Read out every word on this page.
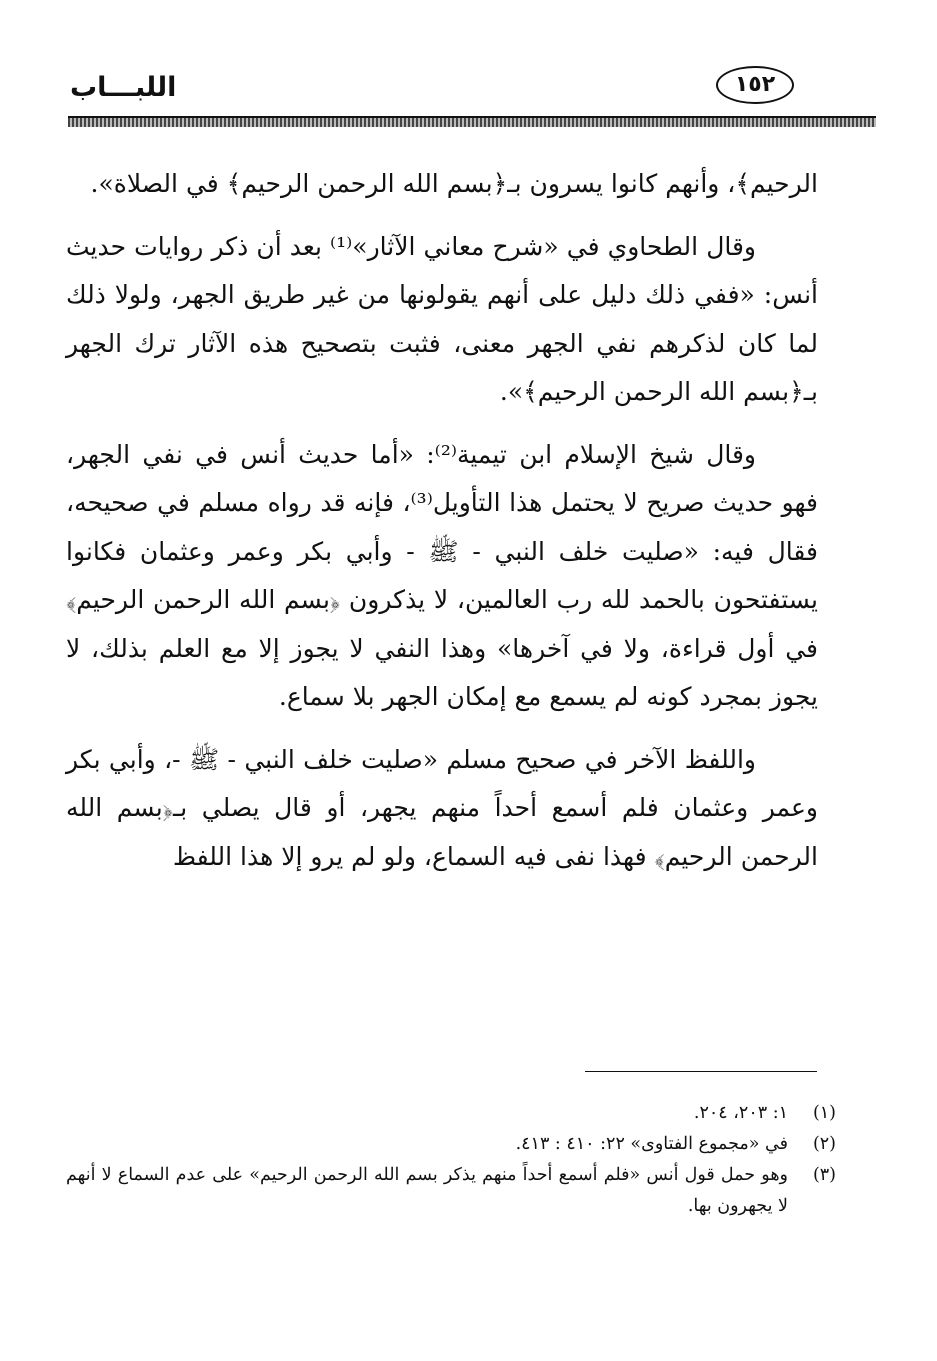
اللبـــاب	١٥٢

الرحيم﴾، وأنهم كانوا يسرون بـ﴿بسم الله الرحمن الرحيم﴾ في الصلاة».

وقال الطحاوي في «شرح معاني الآثار»⁽¹⁾ بعد أن ذكر روايات حديث أنس: «ففي ذلك دليل على أنهم يقولونها من غير طريق الجهر، ولولا ذلك لما كان لذكرهم نفي الجهر معنى، فثبت بتصحيح هذه الآثار ترك الجهر بـ﴿بسم الله الرحمن الرحيم﴾».

وقال شيخ الإسلام ابن تيمية⁽²⁾: «أما حديث أنس في نفي الجهر، فهو حديث صريح لا يحتمل هذا التأويل⁽³⁾، فإنه قد رواه مسلم في صحيحه، فقال فيه: «صليت خلف النبي - ﷺ - وأبي بكر وعمر وعثمان فكانوا يستفتحون بالحمد لله رب العالمين، لا يذكرون ﴿بسم الله الرحمن الرحيم﴾ في أول قراءة، ولا في آخرها» وهذا النفي لا يجوز إلا مع العلم بذلك، لا يجوز بمجرد كونه لم يسمع مع إمكان الجهر بلا سماع.

واللفظ الآخر في صحيح مسلم «صليت خلف النبي - ﷺ -، وأبي بكر وعمر وعثمان فلم أسمع أحداً منهم يجهر، أو قال يصلي بـ﴿بسم الله الرحمن الرحيم﴾ فهذا نفى فيه السماع، ولو لم يرو إلا هذا اللفظ

(١)
١: ٢٠٣، ٢٠٤.
(٢)
في «مجموع الفتاوى» ٢٢: ٤١٠ : ٤١٣.
(٣)
وهو حمل قول أنس «فلم أسمع أحداً منهم يذكر بسم الله الرحمن الرحيم» على عدم السماع لا أنهم لا يجهرون بها.
